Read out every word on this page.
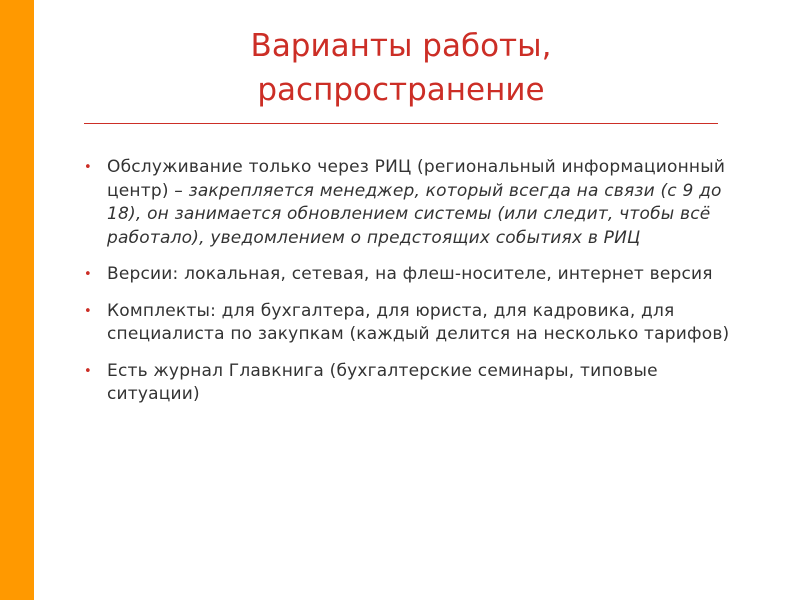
Варианты работы,
распространение
• Обслуживание только через РИЦ (региональный информационный центр) – закрепляется менеджер, который всегда на связи (с 9 до 18), он занимается обновлением системы (или следит, чтобы всё работало), уведомлением о предстоящих событиях в РИЦ
• Версии: локальная, сетевая, на флеш-носителе, интернет версия
• Комплекты: для бухгалтера, для юриста, для кадровика, для специалиста по закупкам (каждый делится на несколько тарифов)
• Есть журнал Главкнига (бухгалтерские семинары, типовые ситуации)
